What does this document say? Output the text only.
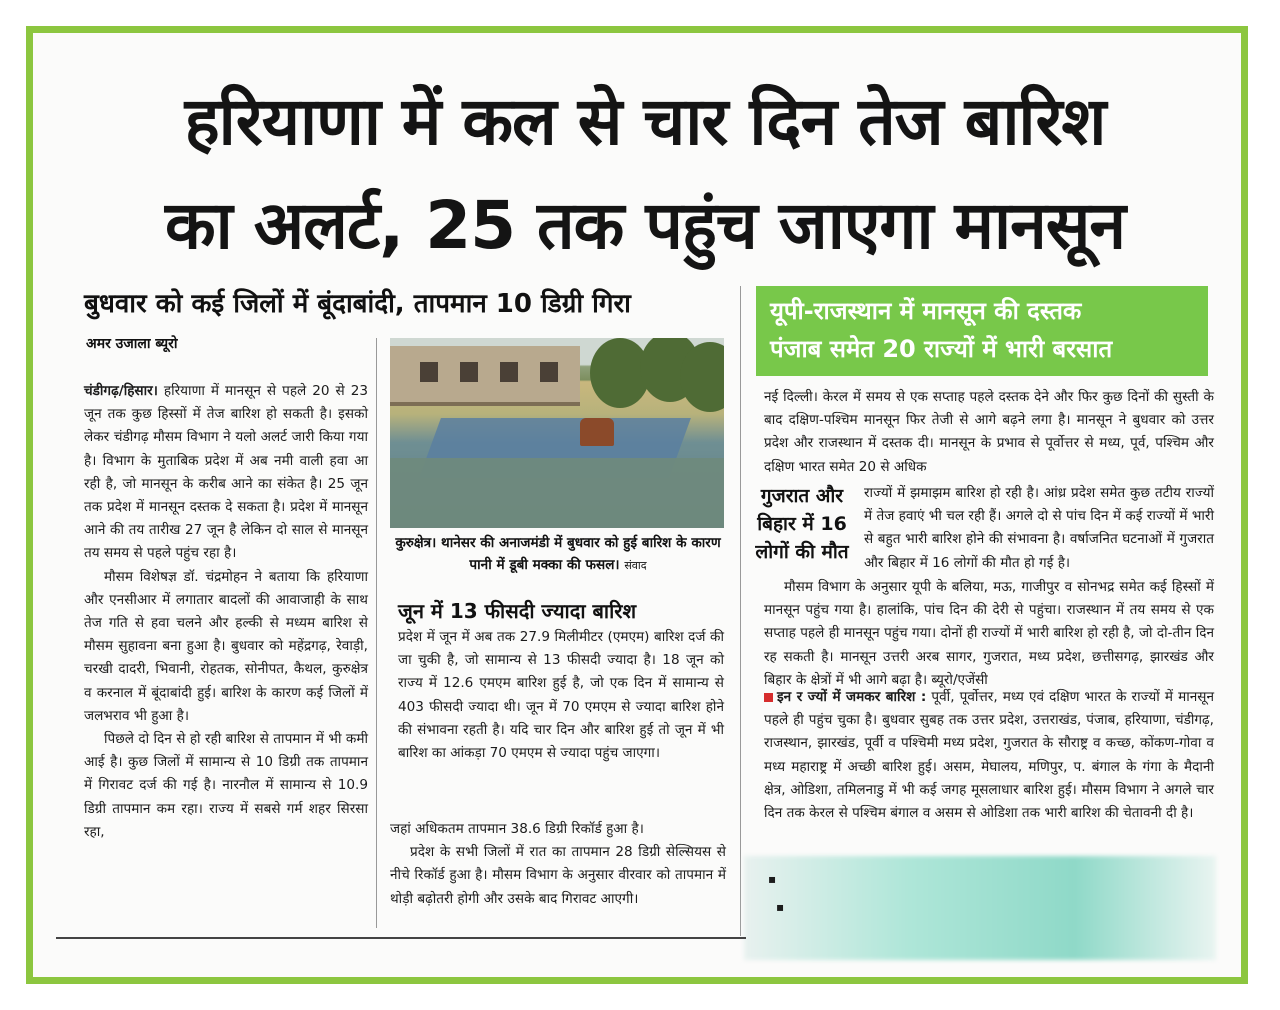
हरियाणा में कल से चार दिन तेज बारिश
का अलर्ट, 25 तक पहुंच जाएगा मानसून
बुधवार को कई जिलों में बूंदाबांदी, तापमान 10 डिग्री गिरा
अमर उजाला ब्यूरो

चंडीगढ़/हिसार। हरियाणा में मानसून से पहले 20 से 23 जून तक कुछ हिस्सों में तेज बारिश हो सकती है। इसको लेकर चंडीगढ़ मौसम विभाग ने यलो अलर्ट जारी किया गया है। विभाग के मुताबिक प्रदेश में अब नमी वाली हवा आ रही है, जो मानसून के करीब आने का संकेत है। 25 जून तक प्रदेश में मानसून दस्तक दे सकता है। प्रदेश में मानसून आने की तय तारीख 27 जून है लेकिन दो साल से मानसून तय समय से पहले पहुंच रहा है।

मौसम विशेषज्ञ डॉ. चंद्रमोहन ने बताया कि हरियाणा और एनसीआर में लगातार बादलों की आवाजाही के साथ तेज गति से हवा चलने और हल्की से मध्यम बारिश से मौसम सुहावना बना हुआ है। बुधवार को महेंद्रगढ़, रेवाड़ी, चरखी दादरी, भिवानी, रोहतक, सोनीपत, कैथल, कुरुक्षेत्र व करनाल में बूंदाबांदी हुई। बारिश के कारण कई जिलों में जलभराव भी हुआ है।

पिछले दो दिन से हो रही बारिश से तापमान में भी कमी आई है। कुछ जिलों में सामान्य से 10 डिग्री तक तापमान में गिरावट दर्ज की गई है। नारनौल में सामान्य से 10.9 डिग्री तापमान कम रहा। राज्य में सबसे गर्म शहर सिरसा रहा,

कुरुक्षेत्र। थानेसर की अनाजमंडी में बुधवार को हुई बारिश के कारण पानी में डूबी मक्का की फसल। संवाद
जून में 13 फीसदी ज्यादा बारिश

प्रदेश में जून में अब तक 27.9 मिलीमीटर (एमएम) बारिश दर्ज की जा चुकी है, जो सामान्य से 13 फीसदी ज्यादा है। 18 जून को राज्य में 12.6 एमएम बारिश हुई है, जो एक दिन में सामान्य से 403 फीसदी ज्यादा थी। जून में 70 एमएम से ज्यादा बारिश होने की संभावना रहती है। यदि चार दिन और बारिश हुई तो जून में भी बारिश का आंकड़ा 70 एमएम से ज्यादा पहुंच जाएगा।

जहां अधिकतम तापमान 38.6 डिग्री रिकॉर्ड हुआ है।

प्रदेश के सभी जिलों में रात का तापमान 28 डिग्री सेल्सियस से नीचे रिकॉर्ड हुआ है। मौसम विभाग के अनुसार वीरवार को तापमान में थोड़ी बढ़ोतरी होगी और उसके बाद गिरावट आएगी।

यूपी-राजस्थान में मानसून की दस्तक
पंजाब समेत 20 राज्यों में भारी बरसात

नई दिल्ली। केरल में समय से एक सप्ताह पहले दस्तक देने और फिर कुछ दिनों की सुस्ती के बाद दक्षिण-पश्चिम मानसून फिर तेजी से आगे बढ़ने लगा है। मानसून ने बुधवार को उत्तर प्रदेश और राजस्थान में दस्तक दी। मानसून के प्रभाव से पूर्वोत्तर से मध्य, पूर्व, पश्चिम और दक्षिण भारत समेत 20 से अधिक

गुजरात और बिहार में 16 लोगों की मौत
राज्यों में झमाझम बारिश हो रही है। आंध्र प्रदेश समेत कुछ तटीय राज्यों में तेज हवाएं भी चल रही हैं। अगले दो से पांच दिन में कई राज्यों में भारी से बहुत भारी बारिश होने की संभावना है। वर्षाजनित घटनाओं में गुजरात और बिहार में 16 लोगों की मौत हो गई है।

मौसम विभाग के अनुसार यूपी के बलिया, मऊ, गाजीपुर व सोनभद्र समेत कई हिस्सों में मानसून पहुंच गया है। हालांकि, पांच दिन की देरी से पहुंचा। राजस्थान में तय समय से एक सप्ताह पहले ही मानसून पहुंच गया। दोनों ही राज्यों में भारी बारिश हो रही है, जो दो-तीन दिन रह सकती है। मानसून उत्तरी अरब सागर, गुजरात, मध्य प्रदेश, छत्तीसगढ़, झारखंड और बिहार के क्षेत्रों में भी आगे बढ़ा है। ब्यूरो/एजेंसी

इन र ज्यों में जमकर बारिश : पूर्वी, पूर्वोत्तर, मध्य एवं दक्षिण भारत के राज्यों में मानसून पहले ही पहुंच चुका है। बुधवार सुबह तक उत्तर प्रदेश, उत्तराखंड, पंजाब, हरियाणा, चंडीगढ़, राजस्थान, झारखंड, पूर्वी व पश्चिमी मध्य प्रदेश, गुजरात के सौराष्ट्र व कच्छ, कोंकण-गोवा व मध्य महाराष्ट्र में अच्छी बारिश हुई। असम, मेघालय, मणिपुर, प. बंगाल के गंगा के मैदानी क्षेत्र, ओडिशा, तमिलनाडु में भी कई जगह मूसलाधार बारिश हुई। मौसम विभाग ने अगले चार दिन तक केरल से पश्चिम बंगाल व असम से ओडिशा तक भारी बारिश की चेतावनी दी है।

▪
▪
